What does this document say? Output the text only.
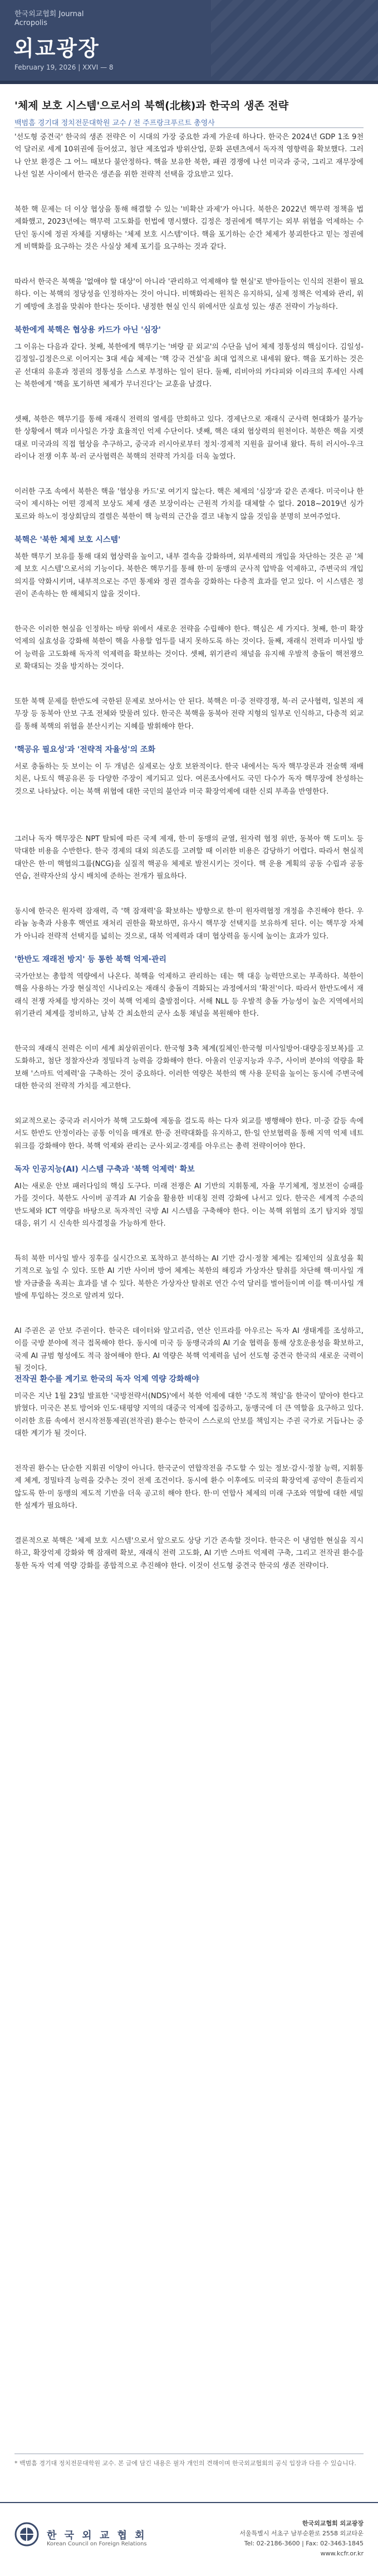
한국외교협회 Journal
Acropolis
외교광장
February 19, 2026 | XXVI — 8
'체제 보호 시스템'으로서의 북핵(北核)과 한국의 생존 전략
백범흠 경기대 정치전문대학원 교수 / 전 주프랑크푸르트 총영사

'선도형 중견국' 한국의 생존 전략은 이 시대의 가장 중요한 과제 가운데 하나다. 한국은 2024년 GDP 1조 9천억 달러로 세계 10위권에 들어섰고, 첨단 제조업과 방위산업, 문화 콘텐츠에서 독자적 영향력을 확보했다. 그러나 안보 환경은 그 어느 때보다 불안정하다. 핵을 보유한 북한, 패권 경쟁에 나선 미국과 중국, 그리고 재무장에 나선 일본 사이에서 한국은 생존을 위한 전략적 선택을 강요받고 있다.

북한 핵 문제는 더 이상 협상을 통해 해결할 수 있는 '비확산 과제'가 아니다. 북한은 2022년 핵무력 정책을 법제화했고, 2023년에는 핵무력 고도화를 헌법에 명시했다. 김정은 정권에게 핵무기는 외부 위협을 억제하는 수단인 동시에 정권 자체를 지탱하는 '체제 보호 시스템'이다. 핵을 포기하는 순간 체제가 붕괴한다고 믿는 정권에게 비핵화를 요구하는 것은 사실상 체제 포기를 요구하는 것과 같다.

따라서 한국은 북핵을 '없애야 할 대상'이 아니라 '관리하고 억제해야 할 현실'로 받아들이는 인식의 전환이 필요하다. 이는 북핵의 정당성을 인정하자는 것이 아니다. 비핵화라는 원칙은 유지하되, 실제 정책은 억제와 관리, 위기 예방에 초점을 맞춰야 한다는 뜻이다. 냉정한 현실 인식 위에서만 실효성 있는 생존 전략이 가능하다.

북한에게 북핵은 협상용 카드가 아닌 '심장'

그 이유는 다음과 같다. 첫째, 북한에게 핵무기는 '벼랑 끝 외교'의 수단을 넘어 체제 정통성의 핵심이다. 김일성-김정일-김정은으로 이어지는 3대 세습 체제는 '핵 강국 건설'을 최대 업적으로 내세워 왔다. 핵을 포기하는 것은 곧 선대의 유훈과 정권의 정통성을 스스로 부정하는 일이 된다. 둘째, 리비아의 카다피와 이라크의 후세인 사례는 북한에게 '핵을 포기하면 체제가 무너진다'는 교훈을 남겼다.

셋째, 북한은 핵무기를 통해 재래식 전력의 열세를 만회하고 있다. 경제난으로 재래식 군사력 현대화가 불가능한 상황에서 핵과 미사일은 가장 효율적인 억제 수단이다. 넷째, 핵은 대외 협상력의 원천이다. 북한은 핵을 지렛대로 미국과의 직접 협상을 추구하고, 중국과 러시아로부터 정치·경제적 지원을 끌어내 왔다. 특히 러시아-우크라이나 전쟁 이후 북·러 군사협력은 북핵의 전략적 가치를 더욱 높였다.

이러한 구조 속에서 북한은 핵을 '협상용 카드'로 여기지 않는다. 핵은 체제의 '심장'과 같은 존재다. 미국이나 한국이 제시하는 어떤 경제적 보상도 체제 생존 보장이라는 근원적 가치를 대체할 수 없다. 2018~2019년 싱가포르와 하노이 정상회담의 결렬은 북한이 핵 능력의 근간을 결코 내놓지 않을 것임을 분명히 보여주었다.

북핵은 '북한 체제 보호 시스템'

북한 핵무기 보유를 통해 대외 협상력을 높이고, 내부 결속을 강화하며, 외부세력의 개입을 차단하는 것은 곧 '체제 보호 시스템'으로서의 기능이다. 북한은 핵무기를 통해 한·미 동맹의 군사적 압박을 억제하고, 주변국의 개입 의지를 약화시키며, 내부적으로는 주민 통제와 정권 결속을 강화하는 다층적 효과를 얻고 있다. 이 시스템은 정권이 존속하는 한 해체되지 않을 것이다.

한국은 이러한 현실을 인정하는 바탕 위에서 새로운 전략을 수립해야 한다. 핵심은 세 가지다. 첫째, 한·미 확장억제의 실효성을 강화해 북한이 핵을 사용할 엄두를 내지 못하도록 하는 것이다. 둘째, 재래식 전력과 미사일 방어 능력을 고도화해 독자적 억제력을 확보하는 것이다. 셋째, 위기관리 채널을 유지해 우발적 충돌이 핵전쟁으로 확대되는 것을 방지하는 것이다.

또한 북핵 문제를 한반도에 국한된 문제로 보아서는 안 된다. 북핵은 미·중 전략경쟁, 북·러 군사협력, 일본의 재무장 등 동북아 안보 구조 전체와 맞물려 있다. 한국은 북핵을 동북아 전략 지형의 일부로 인식하고, 다층적 외교를 통해 북핵의 위협을 분산시키는 지혜를 발휘해야 한다.

'핵공유 필요성'과 '전략적 자율성'의 조화

서로 충돌하는 듯 보이는 이 두 개념은 실제로는 상호 보완적이다. 한국 내에서는 독자 핵무장론과 전술핵 재배치론, 나토식 핵공유론 등 다양한 주장이 제기되고 있다. 여론조사에서도 국민 다수가 독자 핵무장에 찬성하는 것으로 나타났다. 이는 북핵 위협에 대한 국민의 불안과 미국 확장억제에 대한 신뢰 부족을 반영한다.

그러나 독자 핵무장은 NPT 탈퇴에 따른 국제 제재, 한·미 동맹의 균열, 원자력 협정 위반, 동북아 핵 도미노 등 막대한 비용을 수반한다. 한국 경제의 대외 의존도를 고려할 때 이러한 비용은 감당하기 어렵다. 따라서 현실적 대안은 한·미 핵협의그룹(NCG)을 실질적 핵공유 체제로 발전시키는 것이다. 핵 운용 계획의 공동 수립과 공동 연습, 전략자산의 상시 배치에 준하는 전개가 필요하다.

동시에 한국은 원자력 잠재력, 즉 '핵 잠재력'을 확보하는 방향으로 한·미 원자력협정 개정을 추진해야 한다. 우라늄 농축과 사용후 핵연료 재처리 권한을 확보하면, 유사시 핵무장 선택지를 보유하게 된다. 이는 핵무장 자체가 아니라 전략적 선택지를 넓히는 것으로, 대북 억제력과 대미 협상력을 동시에 높이는 효과가 있다.

'한반도 재래전 방지' 등 통한 북핵 억제·관리

국가안보는 총합적 역량에서 나온다. 북핵을 억제하고 관리하는 데는 핵 대응 능력만으로는 부족하다. 북한이 핵을 사용하는 가장 현실적인 시나리오는 재래식 충돌이 격화되는 과정에서의 '확전'이다. 따라서 한반도에서 재래식 전쟁 자체를 방지하는 것이 북핵 억제의 출발점이다. 서해 NLL 등 우발적 충돌 가능성이 높은 지역에서의 위기관리 체계를 정비하고, 남북 간 최소한의 군사 소통 채널을 복원해야 한다.

한국의 재래식 전력은 이미 세계 최상위권이다. 한국형 3축 체계(킬체인·한국형 미사일방어·대량응징보복)를 고도화하고, 첨단 정찰자산과 정밀타격 능력을 강화해야 한다. 아울러 인공지능과 우주, 사이버 분야의 역량을 확보해 '스마트 억제력'을 구축하는 것이 중요하다. 이러한 역량은 북한의 핵 사용 문턱을 높이는 동시에 주변국에 대한 한국의 전략적 가치를 제고한다.

외교적으로는 중국과 러시아가 북핵 고도화에 제동을 걸도록 하는 다자 외교를 병행해야 한다. 미·중 갈등 속에서도 한반도 안정이라는 공통 이익을 매개로 한·중 전략대화를 유지하고, 한·일 안보협력을 통해 지역 억제 네트워크를 강화해야 한다. 북핵 억제와 관리는 군사·외교·경제를 아우르는 총력 전략이어야 한다.

독자 인공지능(AI) 시스템 구축과 '북핵 억제력' 확보

AI는 새로운 안보 패러다임의 핵심 도구다. 미래 전쟁은 AI 기반의 지휘통제, 자율 무기체계, 정보전이 승패를 가를 것이다. 북한도 사이버 공격과 AI 기술을 활용한 비대칭 전력 강화에 나서고 있다. 한국은 세계적 수준의 반도체와 ICT 역량을 바탕으로 독자적인 국방 AI 시스템을 구축해야 한다. 이는 북핵 위협의 조기 탐지와 정밀 대응, 위기 시 신속한 의사결정을 가능하게 한다.

특히 북한 미사일 발사 징후를 실시간으로 포착하고 분석하는 AI 기반 감시·정찰 체계는 킬체인의 실효성을 획기적으로 높일 수 있다. 또한 AI 기반 사이버 방어 체계는 북한의 해킹과 가상자산 탈취를 차단해 핵·미사일 개발 자금줄을 옥죄는 효과를 낼 수 있다. 북한은 가상자산 탈취로 연간 수억 달러를 벌어들이며 이를 핵·미사일 개발에 투입하는 것으로 알려져 있다.

AI 주권은 곧 안보 주권이다. 한국은 데이터와 알고리즘, 연산 인프라를 아우르는 독자 AI 생태계를 조성하고, 이를 국방 분야에 적극 접목해야 한다. 동시에 미국 등 동맹국과의 AI 기술 협력을 통해 상호운용성을 확보하고, 국제 AI 규범 형성에도 적극 참여해야 한다. AI 역량은 북핵 억제력을 넘어 선도형 중견국 한국의 새로운 국력이 될 것이다.

전작권 환수를 계기로 한국의 독자 억제 역량 강화해야

미국은 지난 1월 23일 발표한 '국방전략서(NDS)'에서 북한 억제에 대한 '주도적 책임'을 한국이 맡아야 한다고 밝혔다. 미국은 본토 방어와 인도·태평양 지역의 대중국 억제에 집중하고, 동맹국에 더 큰 역할을 요구하고 있다. 이러한 흐름 속에서 전시작전통제권(전작권) 환수는 한국이 스스로의 안보를 책임지는 주권 국가로 거듭나는 중대한 계기가 될 것이다.

전작권 환수는 단순한 지휘권 이양이 아니다. 한국군이 연합작전을 주도할 수 있는 정보·감시·정찰 능력, 지휘통제 체계, 정밀타격 능력을 갖추는 것이 전제 조건이다. 동시에 환수 이후에도 미국의 확장억제 공약이 흔들리지 않도록 한·미 동맹의 제도적 기반을 더욱 공고히 해야 한다. 한·미 연합사 체제의 미래 구조와 역할에 대한 세밀한 설계가 필요하다.

결론적으로 북핵은 '체제 보호 시스템'으로서 앞으로도 상당 기간 존속할 것이다. 한국은 이 냉엄한 현실을 직시하고, 확장억제 강화와 핵 잠재력 확보, 재래식 전력 고도화, AI 기반 스마트 억제력 구축, 그리고 전작권 환수를 통한 독자 억제 역량 강화를 종합적으로 추진해야 한다. 이것이 선도형 중견국 한국의 생존 전략이다.

* 백범흠 경기대 정치전문대학원 교수. 본 글에 담긴 내용은 필자 개인의 견해이며 한국외교협회의 공식 입장과 다를 수 있습니다.
한 국 외 교 협 회
Korean Council on Foreign Relations
한국외교협회 외교광장
서울특별시 서초구 남부순환로 2558 외교타운
Tel: 02-2186-3600 | Fax: 02-3463-1845
www.kcfr.or.kr
